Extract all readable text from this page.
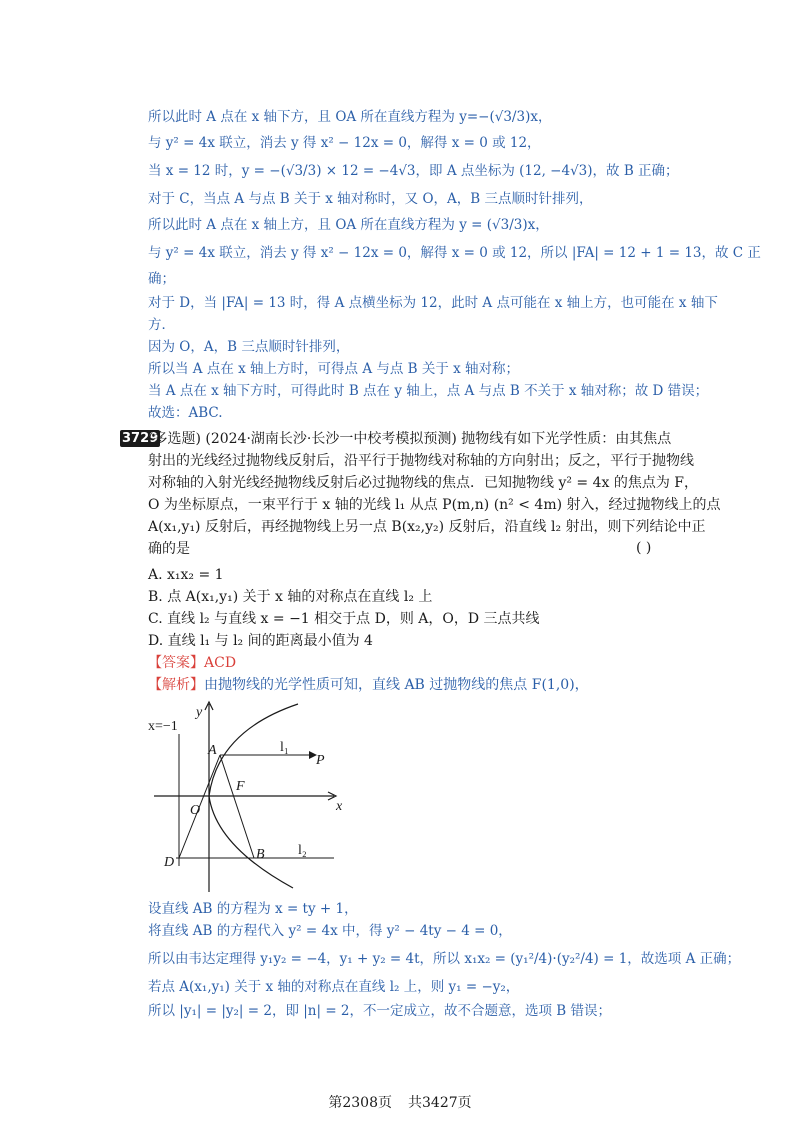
所以此时 A 点在 x 轴下方，且 OA 所在直线方程为 y=−(√3/3)x，
与 y² = 4x 联立，消去 y 得 x² − 12x = 0，解得 x = 0 或 12，
当 x = 12 时，y = −(√3/3) × 12 = −4√3，即 A 点坐标为 (12, −4√3)，故 B 正确；
对于 C，当点 A 与点 B 关于 x 轴对称时，又 O，A，B 三点顺时针排列，
所以此时 A 点在 x 轴上方，且 OA 所在直线方程为 y = (√3/3)x，
与 y² = 4x 联立，消去 y 得 x² − 12x = 0，解得 x = 0 或 12，所以 |FA| = 12 + 1 = 13，故 C 正
确；
对于 D，当 |FA| = 13 时，得 A 点横坐标为 12，此时 A 点可能在 x 轴上方，也可能在 x 轴下
方．
因为 O，A，B 三点顺时针排列，
所以当 A 点在 x 轴上方时，可得点 A 与点 B 关于 x 轴对称；
当 A 点在 x 轴下方时，可得此时 B 点在 y 轴上，点 A 与点 B 不关于 x 轴对称；故 D 错误；
故选：ABC.
3729
(多选题) (2024·湖南长沙·长沙一中校考模拟预测) 抛物线有如下光学性质：由其焦点
射出的光线经过抛物线反射后，沿平行于抛物线对称轴的方向射出；反之，平行于抛物线
对称轴的入射光线经抛物线反射后必过抛物线的焦点．已知抛物线 y² = 4x 的焦点为 F，
O 为坐标原点，一束平行于 x 轴的光线 l₁ 从点 P(m,n) (n² < 4m) 射入，经过抛物线上的点
A(x₁,y₁) 反射后，再经抛物线上另一点 B(x₂,y₂) 反射后，沿直线 l₂ 射出，则下列结论中正
确的是	( )
A. x₁x₂ = 1
B. 点 A(x₁,y₁) 关于 x 轴的对称点在直线 l₂ 上
C. 直线 l₂ 与直线 x = −1 相交于点 D，则 A，O，D 三点共线
D. 直线 l₁ 与 l₂ 间的距离最小值为 4
【答案】ACD
【解析】由抛物线的光学性质可知，直线 AB 过抛物线的焦点 F(1,0)，
x=−1
y
x
A
O
F
B
D
P
l₁
l₂
设直线 AB 的方程为 x = ty + 1，
将直线 AB 的方程代入 y² = 4x 中，得 y² − 4ty − 4 = 0，
所以由韦达定理得 y₁y₂ = −4，y₁ + y₂ = 4t，所以 x₁x₂ = (y₁²/4)·(y₂²/4) = 1，故选项 A 正确；
若点 A(x₁,y₁) 关于 x 轴的对称点在直线 l₂ 上，则 y₁ = −y₂，
所以 |y₁| = |y₂| = 2，即 |n| = 2，不一定成立，故不合题意，选项 B 错误；
第2308页 共3427页
